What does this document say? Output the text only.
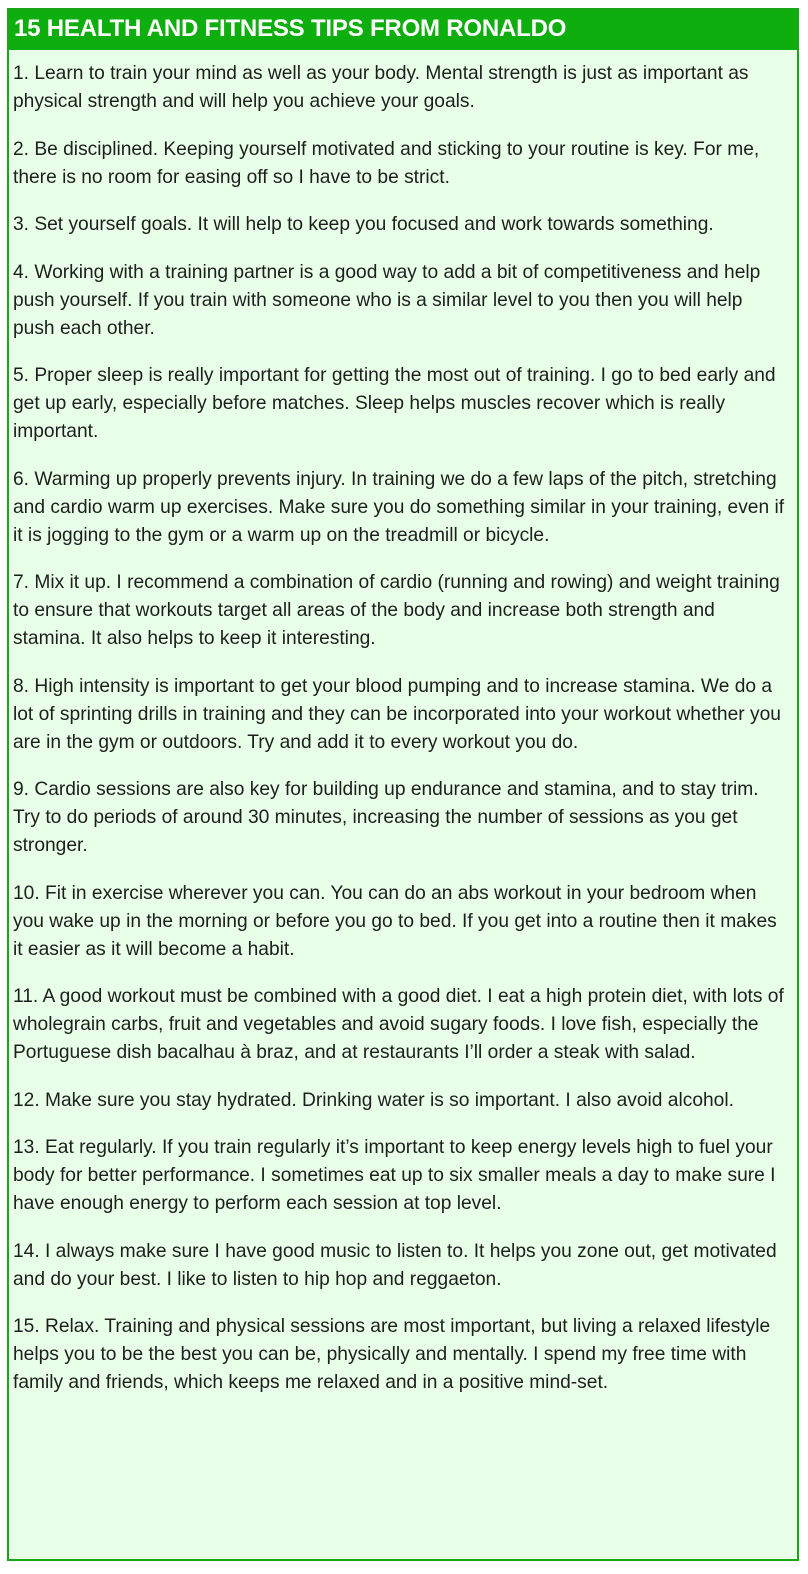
15 HEALTH AND FITNESS TIPS FROM RONALDO
1. Learn to train your mind as well as your body. Mental strength is just as important as physical strength and will help you achieve your goals.
2. Be disciplined. Keeping yourself motivated and sticking to your routine is key. For me, there is no room for easing off so I have to be strict.
3. Set yourself goals. It will help to keep you focused and work towards something.
4. Working with a training partner is a good way to add a bit of competitiveness and help push yourself. If you train with someone who is a similar level to you then you will help push each other.
5. Proper sleep is really important for getting the most out of training. I go to bed early and get up early, especially before matches. Sleep helps muscles recover which is really important.
6. Warming up properly prevents injury. In training we do a few laps of the pitch, stretching and cardio warm up exercises. Make sure you do something similar in your training, even if it is jogging to the gym or a warm up on the treadmill or bicycle.
7. Mix it up. I recommend a combination of cardio (running and rowing) and weight training to ensure that workouts target all areas of the body and increase both strength and stamina. It also helps to keep it interesting.
8. High intensity is important to get your blood pumping and to increase stamina. We do a lot of sprinting drills in training and they can be incorporated into your workout whether you are in the gym or outdoors. Try and add it to every workout you do.
9. Cardio sessions are also key for building up endurance and stamina, and to stay trim. Try to do periods of around 30 minutes, increasing the number of sessions as you get stronger.
10. Fit in exercise wherever you can. You can do an abs workout in your bedroom when you wake up in the morning or before you go to bed. If you get into a routine then it makes it easier as it will become a habit.
11. A good workout must be combined with a good diet. I eat a high protein diet, with lots of wholegrain carbs, fruit and vegetables and avoid sugary foods. I love fish, especially the Portuguese dish bacalhau à braz, and at restaurants I’ll order a steak with salad.
12. Make sure you stay hydrated. Drinking water is so important. I also avoid alcohol.
13. Eat regularly. If you train regularly it’s important to keep energy levels high to fuel your body for better performance. I sometimes eat up to six smaller meals a day to make sure I have enough energy to perform each session at top level.
14. I always make sure I have good music to listen to. It helps you zone out, get motivated and do your best. I like to listen to hip hop and reggaeton.
15. Relax. Training and physical sessions are most important, but living a relaxed lifestyle helps you to be the best you can be, physically and mentally. I spend my free time with family and friends, which keeps me relaxed and in a positive mind-set.
